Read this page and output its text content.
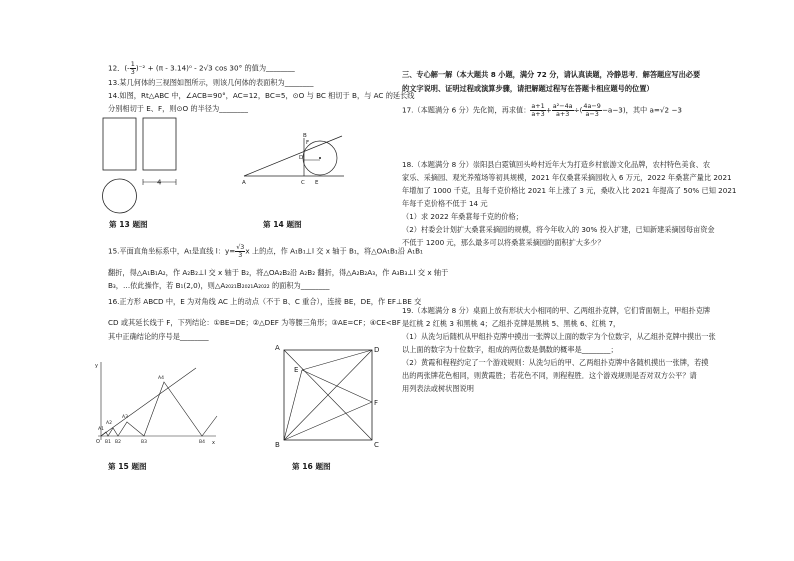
12．(- $\frac{1}{3} )^{-2} + (\pi - 3.14)^0 - 2√3$ cos 30° 的值为________
13.某几何体的三视图如图所示，则该几何体的表面积为________
14.如图，Rt△ABC 中，∠ACB=90°，AC=12，BC=5，⊙O 与 BC 相切于 B，与 AC 的延长线
分别相切于 E、F，则⊙O 的半径为________
4	A	E
C
D
B
F
第 13 题图	第 14 题图
15.平面直角坐标系中，A₁是直线 l：$y= \frac{√3}{3}$ x 上的点，作 A₁B₁⊥l 交 x 轴于 B₁，将△OA₁B₁沿 A₁B₁
翻折，得△A₁B₁A₂，作 A₂B₂⊥l 交 x 轴于 B₂，将△OA₂B₂沿 A₂B₂ 翻折，得△A₂B₂A₃，作 A₃B₃⊥l 交 x 轴于
B₃，…依此操作，若 B₁(2,0)，则△A₂₀₂₁B₂₀₂₁A₂₀₂₂ 的面积为________
16.正方形 ABCD 中，E 为对角线 AC 上的动点（不于 B、C 重合），连接 BE，DE，作 EF⊥BE 交
CD 或其延长线于 F，下列结论：①BE=DE；②△DEF 为等腰三角形；③AE=CF；④CE<BF
其中正确结论的序号是________
y
O	x
A1
A2
A3
A4
B1 B2	B3	B4
A
B	C
D
E
F
第 15 题图	第 16 题图
三、专心解一解（本大题共 8 小题，满分 72 分，请认真读题，冷静思考．解答题应写出必要
的文字说明、证明过程或演算步骤，请把解题过程写在答题卡相应题号的位置）
17.（本题满分 6 分）先化简，再求值： $\frac{a+1}{a+3} + \frac{\text{a²−4a}}{a+3}$ ÷( $\frac{4a-9}{a-3} -a-3$)，其中 a=√2 −3
18.（本题满分 8 分）崇阳县白霓镇回头岭村近年大为打造乡村旅游文化品牌，农村特色美食、农
家乐、采摘园、观光养殖场等初具规模，2021 年仅桑葚采摘园收入 6 万元，2022 年桑葚产量比 2021
年增加了 1000 千克，且每千克价格比 2021 年上涨了 3 元，桑收入比 2021 年提高了 50% 已知 2021
年每千克价格不低于 14 元
（1）求 2022 年桑葚每千克的价格；
（2）村委会计划扩大桑葚采摘园的规模，将今年收入的 30% 投入扩建，已知新建采摘园每亩资金
不低于 1200 元，那么最多可以将桑葚采摘园的面积扩大多少？
19.（本题满分 8 分）桌面上放有形状大小相同的甲、乙两组扑克牌，它们背面朝上，甲组扑克牌
是红桃 2 红桃 3 和黑桃 4；乙组扑克牌是黑桃 5、黑桃 6、红桃 7，
（1）从洗匀后随机从甲组扑克牌中摸出一张牌以上面的数字为个位数字，从乙组扑克牌中摸出一张
以上面的数字为十位数字，组成的两位数是偶数的概率是________；
（2）黄霞和程程约定了一个游戏规则：从洗匀后的甲、乙两组扑克牌中各随机摸出一张牌，若摸
出的两张牌花色相同，则黄霞胜；若花色不同，则程程胜．这个游戏规则是否对双方公平？请
用列表法或树状图说明
